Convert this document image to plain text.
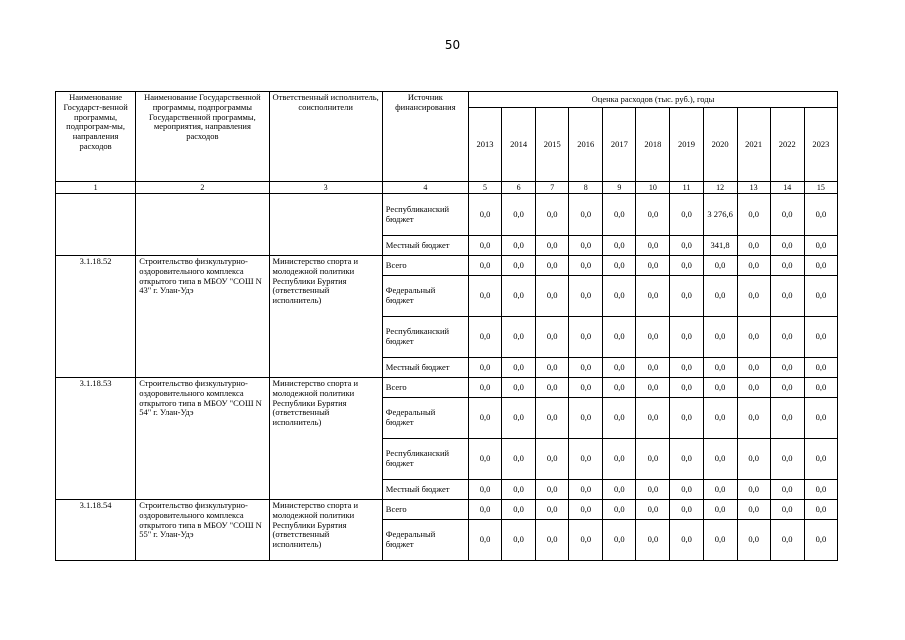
50
Наименование Государст-венной программы, подпрограм-мы, направления расходов	Наименование Государственной программы, подпрограммы Государственной программы, мероприятия, направления расходов	Ответственный исполнитель, соисполнители	Источник финансирования	Оценка расходов (тыс. руб.), годы										
				2013	2014	2015	2016	2017	2018	2019	2020	2021	2022	2023
1	2	3	4	5	6	7	8	9	10	11	12	13	14	15
			Республиканский бюджет	0,0	0,0	0,0	0,0	0,0	0,0	0,0	3 276,6	0,0	0,0	0,0
			Местный бюджет	0,0	0,0	0,0	0,0	0,0	0,0	0,0	341,8	0,0	0,0	0,0
3.1.18.52	Строительство физкультурно-оздоровительного комплекса открытого типа в МБОУ "СОШ N 43" г. Улан-Удэ	Министерство спорта и молодежной политики Республики Бурятия (ответственный исполнитель)	Всего	0,0	0,0	0,0	0,0	0,0	0,0	0,0	0,0	0,0	0,0	0,0
			Федеральный бюджет	0,0	0,0	0,0	0,0	0,0	0,0	0,0	0,0	0,0	0,0	0,0
			Республиканский бюджет	0,0	0,0	0,0	0,0	0,0	0,0	0,0	0,0	0,0	0,0	0,0
			Местный бюджет	0,0	0,0	0,0	0,0	0,0	0,0	0,0	0,0	0,0	0,0	0,0
3.1.18.53	Строительство физкультурно-оздоровительного комплекса открытого типа в МБОУ "СОШ N 54" г. Улан-Удэ	Министерство спорта и молодежной политики Республики Бурятия (ответственный исполнитель)	Всего	0,0	0,0	0,0	0,0	0,0	0,0	0,0	0,0	0,0	0,0	0,0
			Федеральный бюджет	0,0	0,0	0,0	0,0	0,0	0,0	0,0	0,0	0,0	0,0	0,0
			Республиканский бюджет	0,0	0,0	0,0	0,0	0,0	0,0	0,0	0,0	0,0	0,0	0,0
			Местный бюджет	0,0	0,0	0,0	0,0	0,0	0,0	0,0	0,0	0,0	0,0	0,0
3.1.18.54	Строительство физкультурно-оздоровительного комплекса открытого типа в МБОУ "СОШ N 55" г. Улан-Удэ	Министерство спорта и молодежной политики Республики Бурятия (ответственный исполнитель)	Всего	0,0	0,0	0,0	0,0	0,0	0,0	0,0	0,0	0,0	0,0	0,0
			Федеральный бюджет	0,0	0,0	0,0	0,0	0,0	0,0	0,0	0,0	0,0	0,0	0,0
